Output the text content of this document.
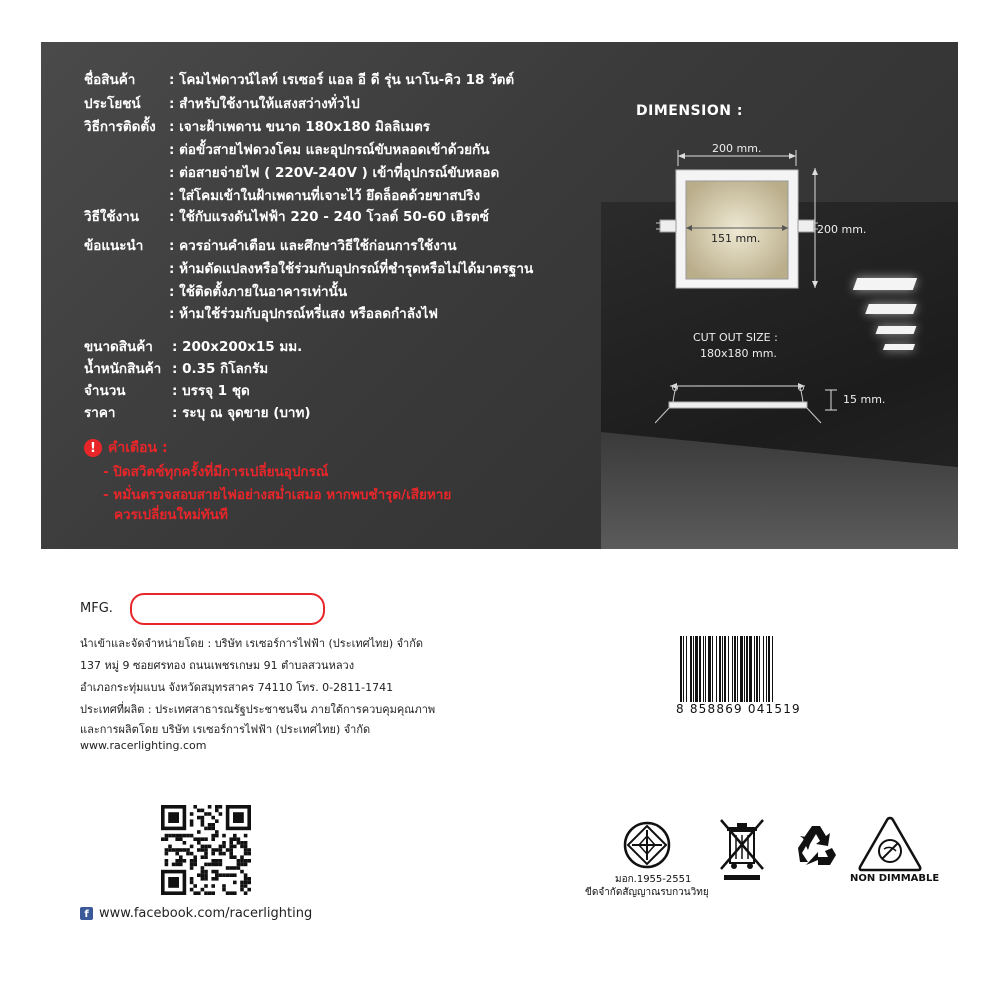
ชื่อสินค้า : โคมไฟดาวน์ไลท์ เรเซอร์ แอล อี ดี รุ่น นาโน-คิว 18 วัตต์
ประโยชน์ : สำหรับใช้งานให้แสงสว่างทั่วไป
วิธีการติดตั้ง : เจาะฝ้าเพดาน ขนาด 180x180 มิลลิเมตร
: ต่อขั้วสายไฟดวงโคม และอุปกรณ์ขับหลอดเข้าด้วยกัน
: ต่อสายจ่ายไฟ ( 220V-240V ) เข้าที่อุปกรณ์ขับหลอด
: ใส่โคมเข้าในฝ้าเพดานที่เจาะไว้ ยึดล็อคด้วยขาสปริง
วิธีใช้งาน : ใช้กับแรงดันไฟฟ้า 220 - 240 โวลต์ 50-60 เฮิรตซ์
ข้อแนะนำ : ควรอ่านคำเตือน และศึกษาวิธีใช้ก่อนการใช้งาน
: ห้ามดัดแปลงหรือใช้ร่วมกับอุปกรณ์ที่ชำรุดหรือไม่ได้มาตรฐาน
: ใช้ติดตั้งภายในอาคารเท่านั้น
: ห้ามใช้ร่วมกับอุปกรณ์หรี่แสง หรือลดกำลังไฟ
ขนาดสินค้า : 200x200x15 มม.
น้ำหนักสินค้า : 0.35 กิโลกรัม
จำนวน	: บรรจุ 1 ชุด
ราคา	: ระบุ ณ จุดขาย (บาท)
! คำเตือน :
- ปิดสวิตช์ทุกครั้งที่มีการเปลี่ยนอุปกรณ์
- หมั่นตรวจสอบสายไฟอย่างสม่ำเสมอ หากพบชำรุด/เสียหาย
ควรเปลี่ยนใหม่ทันที
DIMENSION :
200 mm.
200 mm.
151 mm.
CUT OUT SIZE :
180x180 mm.
15 mm.
MFG.
นำเข้าและจัดจำหน่ายโดย : บริษัท เรเซอร์การไฟฟ้า (ประเทศไทย) จำกัด
137 หมู่ 9 ซอยศรทอง ถนนเพชรเกษม 91 ตำบลสวนหลวง
อำเภอกระทุ่มแบน จังหวัดสมุทรสาคร 74110 โทร. 0-2811-1741
ประเทศที่ผลิต : ประเทศสาธารณรัฐประชาชนจีน ภายใต้การควบคุมคุณภาพ
และการผลิตโดย บริษัท เรเซอร์การไฟฟ้า (ประเทศไทย) จำกัด
www.racerlighting.com
8 858869 041519
f www.facebook.com/racerlighting
มอก.1955-2551
ขีดจำกัดสัญญาณรบกวนวิทยุ
NON DIMMABLE
